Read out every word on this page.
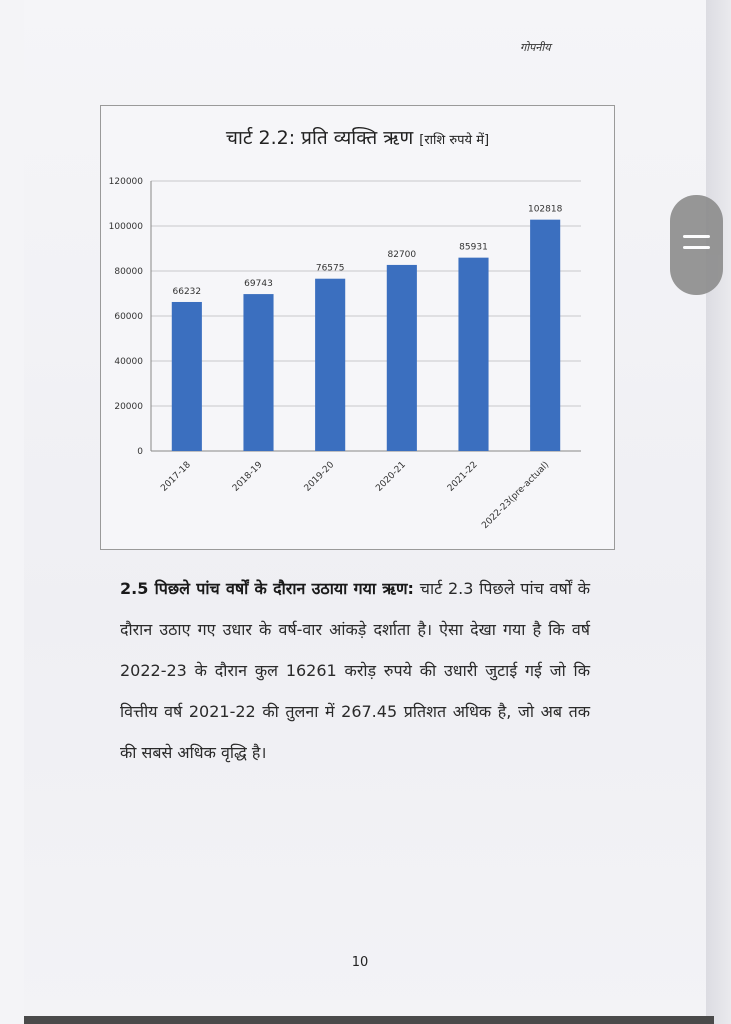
गोपनीय
0
20000
40000
60000
80000
100000
120000
66232
2017-18
69743
2018-19
76575
2019-20
82700
2020-21
85931
2021-22
102818
2022-23(pre-actual)
चार्ट 2.2: प्रति व्यक्ति ऋण [राशि रुपये में]
2.5 पिछले पांच वर्षों के दौरान उठाया गया ऋण: चार्ट 2.3 पिछले पांच वर्षों के दौरान उठाए गए उधार के वर्ष-वार आंकड़े दर्शाता है। ऐसा देखा गया है कि वर्ष 2022-23 के दौरान कुल 16261 करोड़ रुपये की उधारी जुटाई गई जो कि वित्तीय वर्ष 2021-22 की तुलना में 267.45 प्रतिशत अधिक है, जो अब तक की सबसे अधिक वृद्धि है।
10
